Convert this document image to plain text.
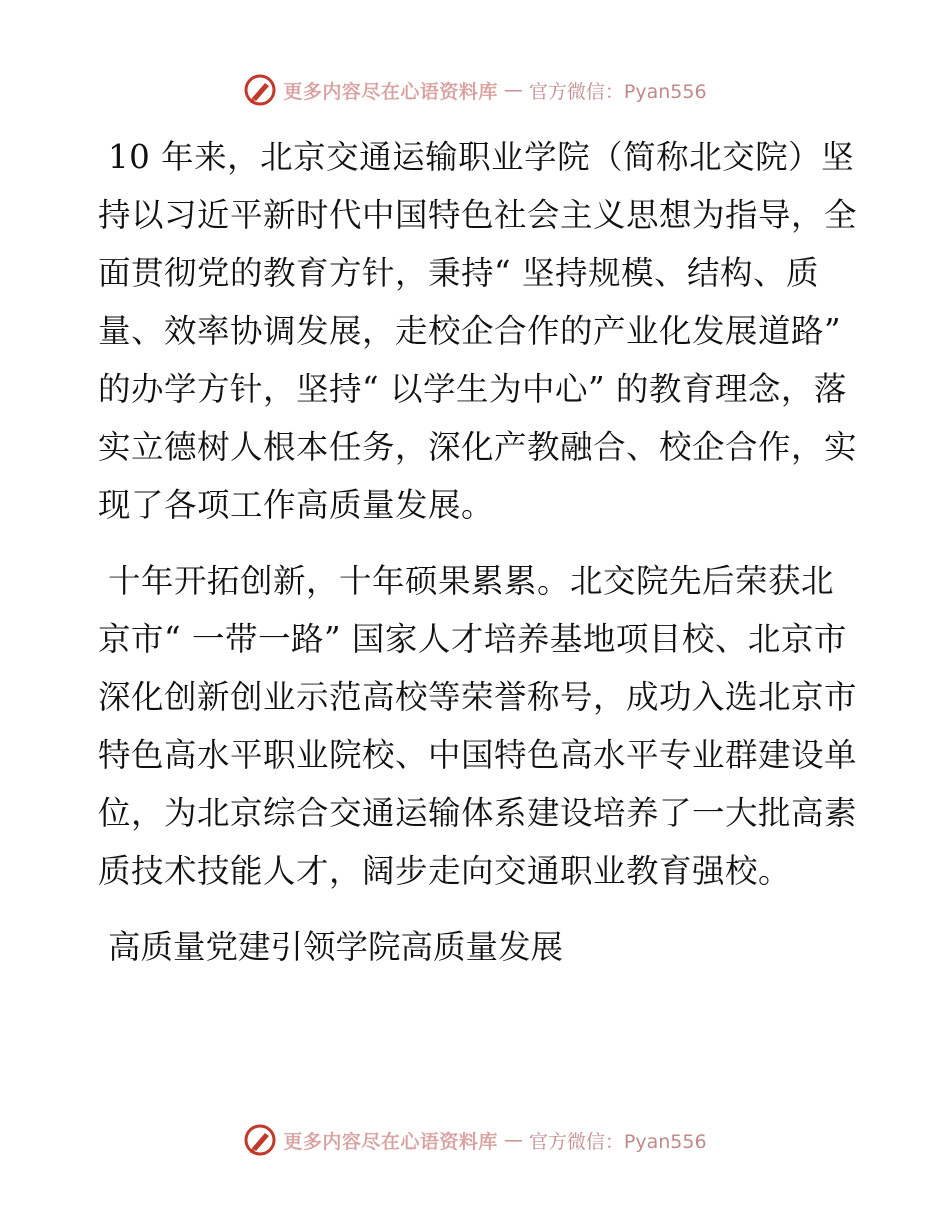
更多内容尽在心语资料库 — 官方微信：Pyan556

10 年来，北京交通运输职业学院（简称北交院）坚持以习近平新时代中国特色社会主义思想为指导，全面贯彻党的教育方针，秉持“ 坚持规模、结构、质量、效率协调发展，走校企合作的产业化发展道路” 的办学方针，坚持“ 以学生为中心” 的教育理念，落实立德树人根本任务，深化产教融合、校企合作，实现了各项工作高质量发展。

十年开拓创新，十年硕果累累。北交院先后荣获北京市“ 一带一路” 国家人才培养基地项目校、北京市深化创新创业示范高校等荣誉称号，成功入选北京市特色高水平职业院校、中国特色高水平专业群建设单位，为北京综合交通运输体系建设培养了一大批高素质技术技能人才，阔步走向交通职业教育强校。

高质量党建引领学院高质量发展

更多内容尽在心语资料库 — 官方微信：Pyan556
